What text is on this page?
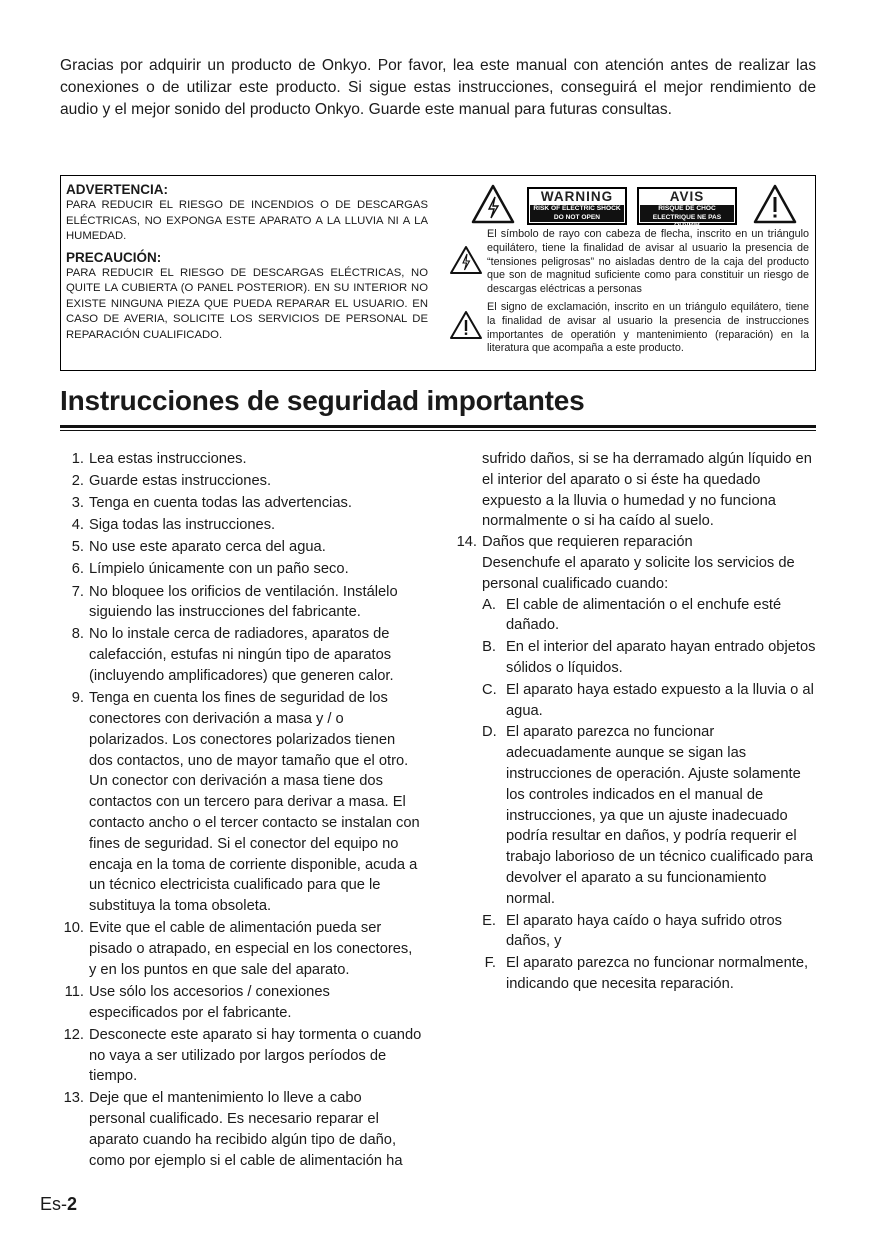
Gracias por adquirir un producto de Onkyo. Por favor, lea este manual con atención antes de realizar las conexiones o de utilizar este producto. Si sigue estas instrucciones, conseguirá el mejor rendimiento de audio y el mejor sonido del producto Onkyo. Guarde este manual para futuras consultas.
ADVERTENCIA:

PARA REDUCIR EL RIESGO DE INCENDIOS O DE DESCARGAS ELÉCTRICAS, NO EXPONGA ESTE APARATO A LA LLUVIA NI A LA HUMEDAD.

PRECAUCIÓN:

PARA REDUCIR EL RIESGO DE DESCARGAS ELÉCTRICAS, NO QUITE LA CUBIERTA (O PANEL POSTERIOR). EN SU INTERIOR NO EXISTE NINGUNA PIEZA QUE PUEDA REPARAR EL USUARIO. EN CASO DE AVERIA, SOLICITE LOS SERVICIOS DE PERSONAL DE REPARACIÓN CUALIFICADO.

WARNING
RISK OF ELECTRIC SHOCK DO NOT OPEN
AVIS
RISQUE DE CHOC ELECTRIQUE NE PAS OUVRIR
El símbolo de rayo con cabeza de flecha, inscrito en un triángulo equilátero, tiene la finalidad de avisar al usuario la presencia de “tensiones peligrosas” no aisladas dentro de la caja del producto que son de magnitud suficiente como para constituir un riesgo de descargas eléctricas a personas
El signo de exclamación, inscrito en un triángulo equilátero, tiene la finalidad de avisar al usuario la presencia de instrucciones importantes de operatión y mantenimiento (reparación) en la literatura que acompaña a este producto.
Instrucciones de seguridad importantes
1. Lea estas instrucciones.
2. Guarde estas instrucciones.
3. Tenga en cuenta todas las advertencias.
4. Siga todas las instrucciones.
5. No use este aparato cerca del agua.
6. Límpielo únicamente con un paño seco.
7. No bloquee los orificios de ventilación. Instálelo siguiendo las instrucciones del fabricante.
8. No lo instale cerca de radiadores, aparatos de calefacción, estufas ni ningún tipo de aparatos (incluyendo amplificadores) que generen calor.
9. Tenga en cuenta los fines de seguridad de los conectores con derivación a masa y / o polarizados. Los conectores polarizados tienen dos contactos, uno de mayor tamaño que el otro. Un conector con derivación a masa tiene dos contactos con un tercero para derivar a masa. El contacto ancho o el tercer contacto se instalan con fines de seguridad. Si el conector del equipo no encaja en la toma de corriente disponible, acuda a un técnico electricista cualificado para que le substituya la toma obsoleta.
10. Evite que el cable de alimentación pueda ser pisado o atrapado, en especial en los conectores, y en los puntos en que sale del aparato.
11. Use sólo los accesorios / conexiones especificados por el fabricante.
12. Desconecte este aparato si hay tormenta o cuando no vaya a ser utilizado por largos períodos de tiempo.
13. Deje que el mantenimiento lo lleve a cabo personal cualificado. Es necesario reparar el aparato cuando ha recibido algún tipo de daño, como por ejemplo si el cable de alimentación ha

sufrido daños, si se ha derramado algún líquido en el interior del aparato o si éste ha quedado expuesto a la lluvia o humedad y no funciona normalmente o si ha caído al suelo.

14. Daños que requieren reparación
Desenchufe el aparato y solicite los servicios de personal cualificado cuando:
A. El cable de alimentación o el enchufe esté dañado.
B. En el interior del aparato hayan entrado objetos sólidos o líquidos.
C. El aparato haya estado expuesto a la lluvia o al agua.
D. El aparato parezca no funcionar adecuadamente aunque se sigan las instrucciones de operación. Ajuste solamente los controles indicados en el manual de instrucciones, ya que un ajuste inadecuado podría resultar en daños, y podría requerir el trabajo laborioso de un técnico cualificado para devolver el aparato a su funcionamiento normal.
E. El aparato haya caído o haya sufrido otros daños, y
F. El aparato parezca no funcionar normalmente, indicando que necesita reparación.
Es-2
